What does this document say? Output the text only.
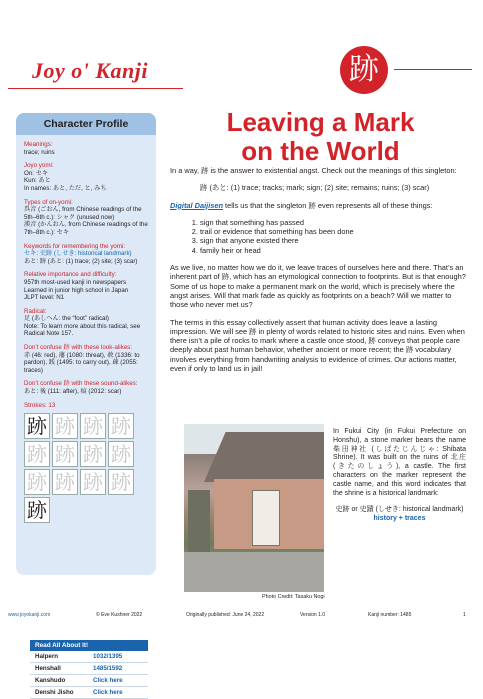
Joy o' Kanji	跡
Character Profile
Meanings:
trace; ruins
Joyo yomi:
On: セキ
Kun: あと
In names: あと, ただ, と, みち
Types of on-yomi:
呉音 (ごおん, from Chinese readings of the 5th–6th c.): シャク (unused now)
漢音 (かんおん, from Chinese readings of the 7th–8th c.): セキ
Keywords for remembering the yomi:
セキ: 史跡 (しせき: historical landmark)
あと: 跡 (あと: (1) trace; (2) site; (3) scar)
Relative importance and difficulty:
957th most-used kanji in newspapers
Learned in junior high school in Japan
JLPT level: N1
Radical:
足 (あしへん: the “foot” radical)
Note: To learn more about this radical, see Radical Note 157.
Don’t confuse 跡 with these look-alikes:
赤 (46: red), 藩 (1080: threat), 赦 (1336: to pardon), 践 (1495: to carry out), 疎 (2055: traces)
Don’t confuse 跡 with these sound-alikes:
あと: 後 (111: after), 痕 (2012: scar)
Strokes: 13
跡 跡 跡 跡
跡 跡 跡 跡
跡 跡 跡 跡
跡
Read All About It!
Halpern	1032/1395
Henshall	1485/1592
Kanshudo	Click here
Denshi Jisho	Click here
Leaving a Mark
on the World

In a way, 跡 is the answer to existential angst. Check out the meanings of this singleton:

跡 (あと: (1) trace; tracks; mark; sign; (2) site; remains; ruins; (3) scar)

Digital Daijisen tells us that the singleton 跡 even represents all of these things:

1. sign that something has passed
2. trail or evidence that something has been done
3. sign that anyone existed there
4. family heir or head

As we live, no matter how we do it, we leave traces of ourselves here and there. That’s an inherent part of 跡, which has an etymological connection to footprints. But is that enough? Some of us hope to make a permanent mark on the world, which is precisely where the angst arises. Will that mark fade as quickly as footprints on a beach? Will we matter to those who never met us?

The terms in this essay collectively assert that human activity does leave a lasting impression. We will see 跡 in plenty of words related to historic sites and ruins. Even when there isn’t a pile of rocks to mark where a castle once stood, 跡 conveys that people care deeply about past human behavior, whether ancient or more recent; the 跡 vocabulary involves everything from handwriting analysis to evidence of crimes. Our actions matter, even if only to land us in jail!

Photo Credit: Tasaku Nogi
In Fukui City (in Fukui Prefecture on Honshu), a stone marker bears the name 柴田神社 (しばたじんじゃ: Shibata Shrine). It was built on the ruins of 北庄 (きたのしょう), a castle. The first characters on the marker represent the castle name, and this word indicates that the shrine is a historical landmark:
史跡 or 史蹟 (しせき: historical landmark)
history + traces
www.joyokanji.com	© Eve Kushner 2022	Originally published: June 24, 2022	Version 1.0	Kanji number: 1485	1
